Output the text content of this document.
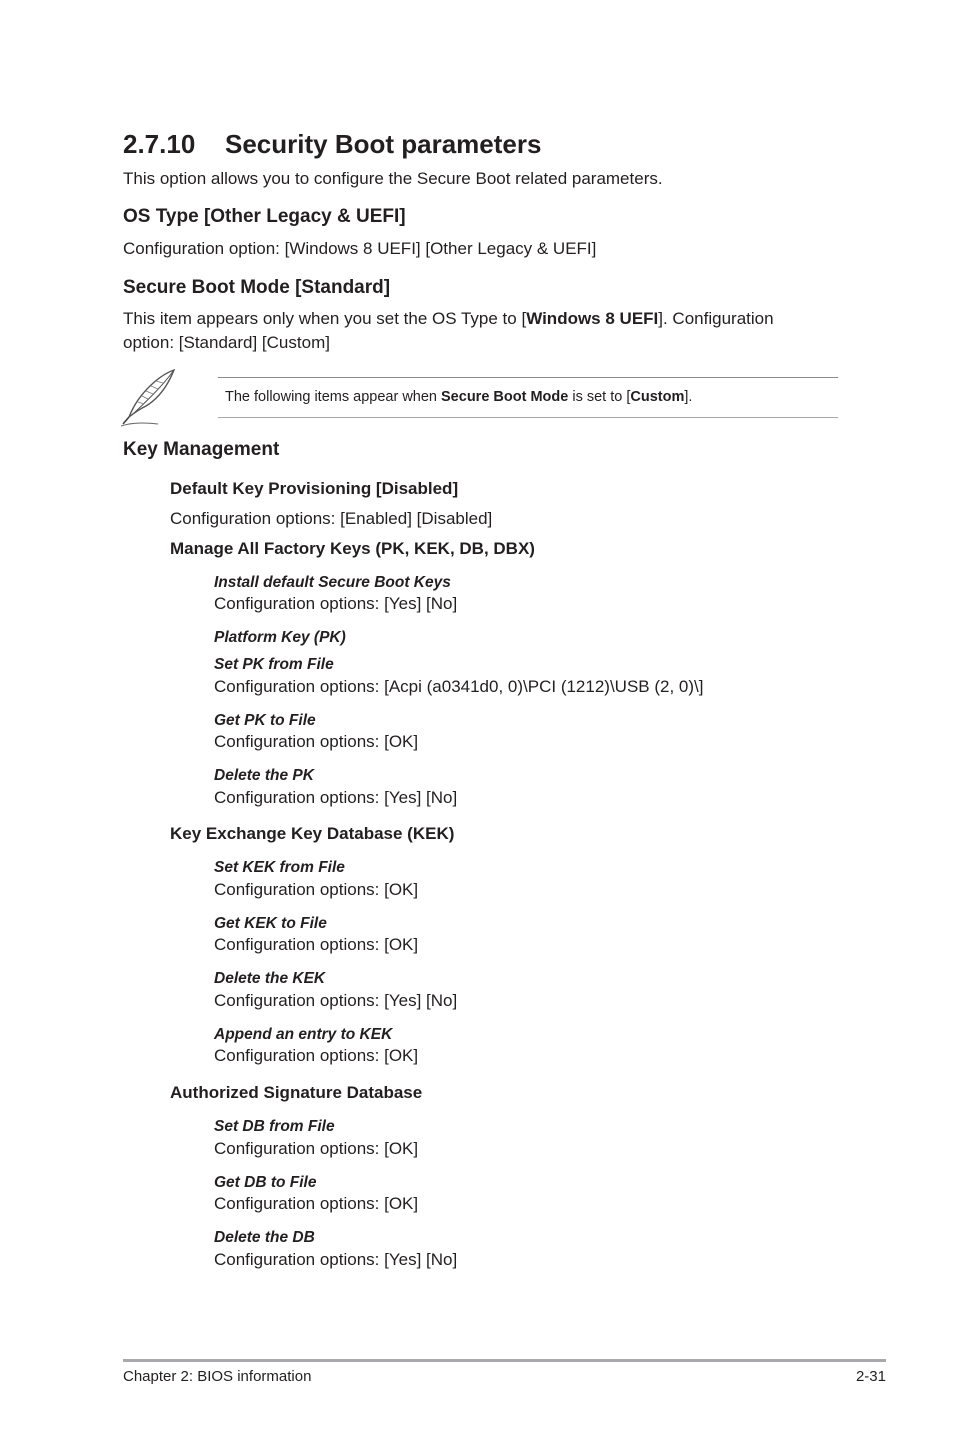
2.7.10 Security Boot parameters
This option allows you to configure the Secure Boot related parameters.
OS Type [Other Legacy & UEFI]
Configuration option: [Windows 8 UEFI] [Other Legacy & UEFI]
Secure Boot Mode [Standard]
This item appears only when you set the OS Type to [Windows 8 UEFI]. Configuration
option: [Standard] [Custom]
The following items appear when Secure Boot Mode is set to [Custom].
Key Management
Default Key Provisioning [Disabled]
Configuration options: [Enabled] [Disabled]
Manage All Factory Keys (PK, KEK, DB, DBX)
Install default Secure Boot Keys
Configuration options: [Yes] [No]
Platform Key (PK)
Set PK from File
Configuration options: [Acpi (a0341d0, 0)\PCI (1212)\USB (2, 0)\]
Get PK to File
Configuration options: [OK]
Delete the PK
Configuration options: [Yes] [No]
Key Exchange Key Database (KEK)
Set KEK from File
Configuration options: [OK]
Get KEK to File
Configuration options: [OK]
Delete the KEK
Configuration options: [Yes] [No]
Append an entry to KEK
Configuration options: [OK]
Authorized Signature Database
Set DB from File
Configuration options: [OK]
Get DB to File
Configuration options: [OK]
Delete the DB
Configuration options: [Yes] [No]
Chapter 2: BIOS information	2-31
